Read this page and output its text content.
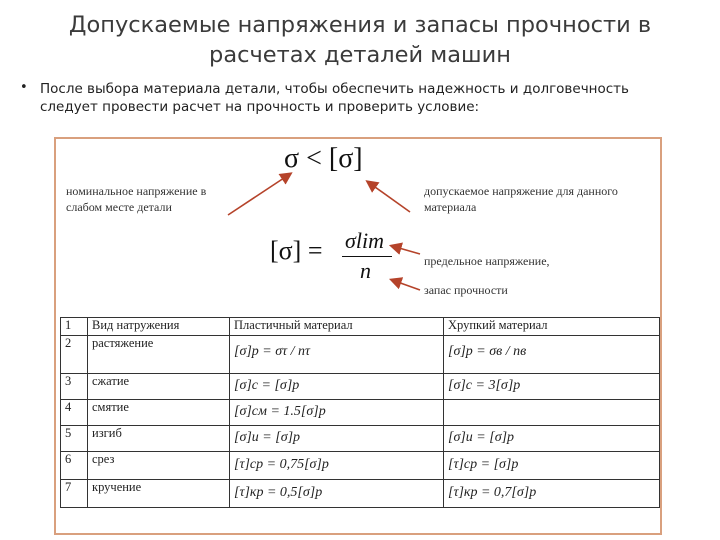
Допускаемые напряжения и запасы прочности в расчетах деталей машин
• После выбора материала детали, чтобы обеспечить надежность и долговечность следует провести расчет на прочность и проверить условие:
σ < [σ]
номинальное напряжение в слабом месте детали
допускаемое напряжение для данного материала
[σ] = σlim
n	предельное напряжение,
запас прочности
1	Вид натружения	Пластичный материал	Хрупкий материал
2	растяжение	[σ]p = στ / nτ	[σ]p = σв / nв
3	сжатие	[σ]c = [σ]p	[σ]c = 3[σ]p
4	смятие	[σ]см = 1.5[σ]p	
5	изгиб	[σ]и = [σ]p	[σ]и = [σ]p
6	срез	[τ]ср = 0,75[σ]p	[τ]ср = [σ]p
7	кручение	[τ]кр = 0,5[σ]p	[τ]кр = 0,7[σ]p
